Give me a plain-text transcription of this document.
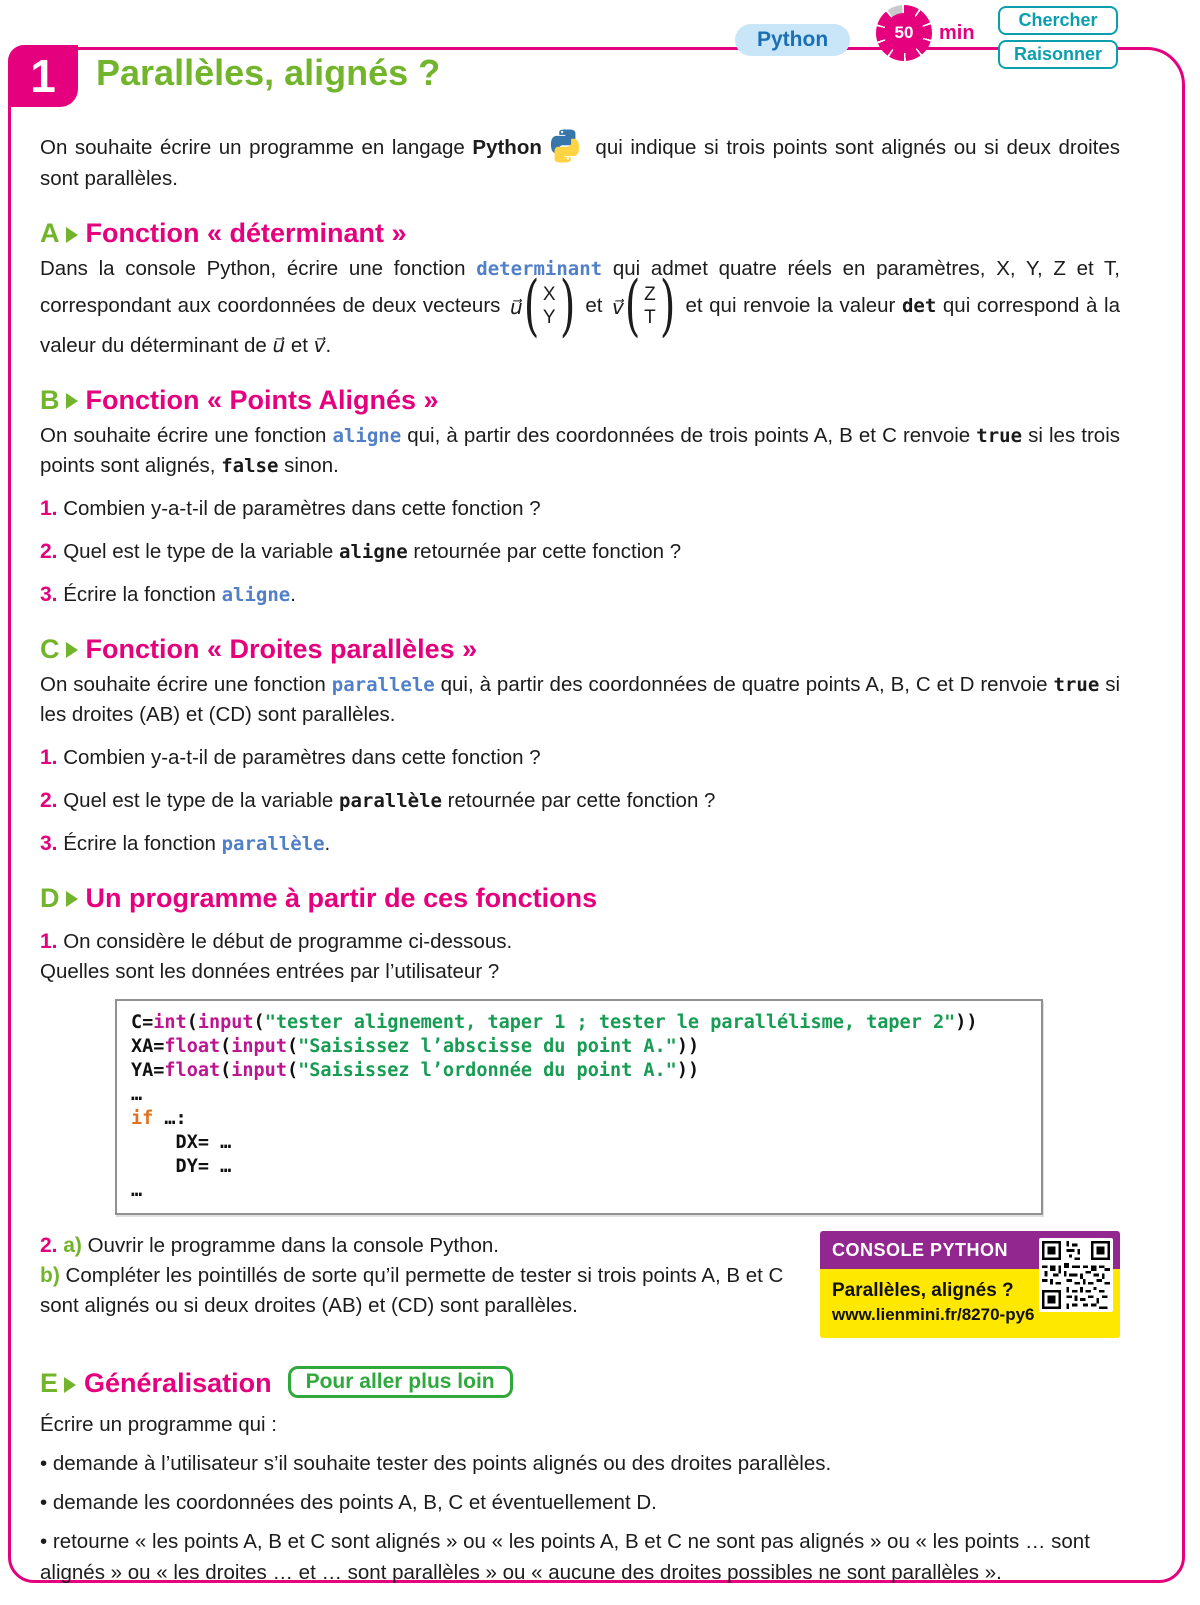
1 Parallèles, alignés ?
Python	50 min
Chercher
Raisonner

On souhaite écrire un programme en langage Python qui indique si trois points sont alignés ou si deux droites sont parallèles.

A Fonction « déterminant »

Dans la console Python, écrire une fonction determinant qui admet quatre réels en paramètres, X, Y, Z et T, correspondant aux coordonnées de deux vecteurs u⃗ ( X
Y ) et v⃗ ( Z
T ) et qui renvoie la valeur det qui correspond à la valeur du déterminant de u⃗ et v⃗.

B Fonction « Points Alignés »

On souhaite écrire une fonction aligne qui, à partir des coordonnées de trois points A, B et C renvoie true si les trois points sont alignés, false sinon.

1. Combien y-a-t-il de paramètres dans cette fonction ?

2. Quel est le type de la variable aligne retournée par cette fonction ?

3. Écrire la fonction aligne.

C Fonction « Droites parallèles »

On souhaite écrire une fonction parallele qui, à partir des coordonnées de quatre points A, B, C et D renvoie true si les droites (AB) et (CD) sont parallèles.

1. Combien y-a-t-il de paramètres dans cette fonction ?

2. Quel est le type de la variable parallèle retournée par cette fonction ?

3. Écrire la fonction parallèle.

D Un programme à partir de ces fonctions

1. On considère le début de programme ci-dessous.
Quelles sont les données entrées par l’utilisateur ?

C=int(input("tester alignement, taper 1 ; tester le parallélisme, taper 2"))
XA=float(input("Saisissez l’abscisse du point A."))
YA=float(input("Saisissez l’ordonnée du point A."))
…
if …:
DX= …
DY= …
…

2. a) Ouvrir le programme dans la console Python.

b) Compléter les pointillés de sorte qu’il permette de tester si trois points A, B et C sont alignés ou si deux droites (AB) et (CD) sont parallèles.

CONSOLE PYTHON
Parallèles, alignés ?
www.lienmini.fr/8270-py6
E Généralisation	Pour aller plus loin

Écrire un programme qui :

• demande à l’utilisateur s’il souhaite tester des points alignés ou des droites parallèles.

• demande les coordonnées des points A, B, C et éventuellement D.

• retourne « les points A, B et C sont alignés » ou « les points A, B et C ne sont pas alignés » ou « les points … sont alignés » ou « les droites … et … sont parallèles » ou « aucune des droites possibles ne sont parallèles ».
